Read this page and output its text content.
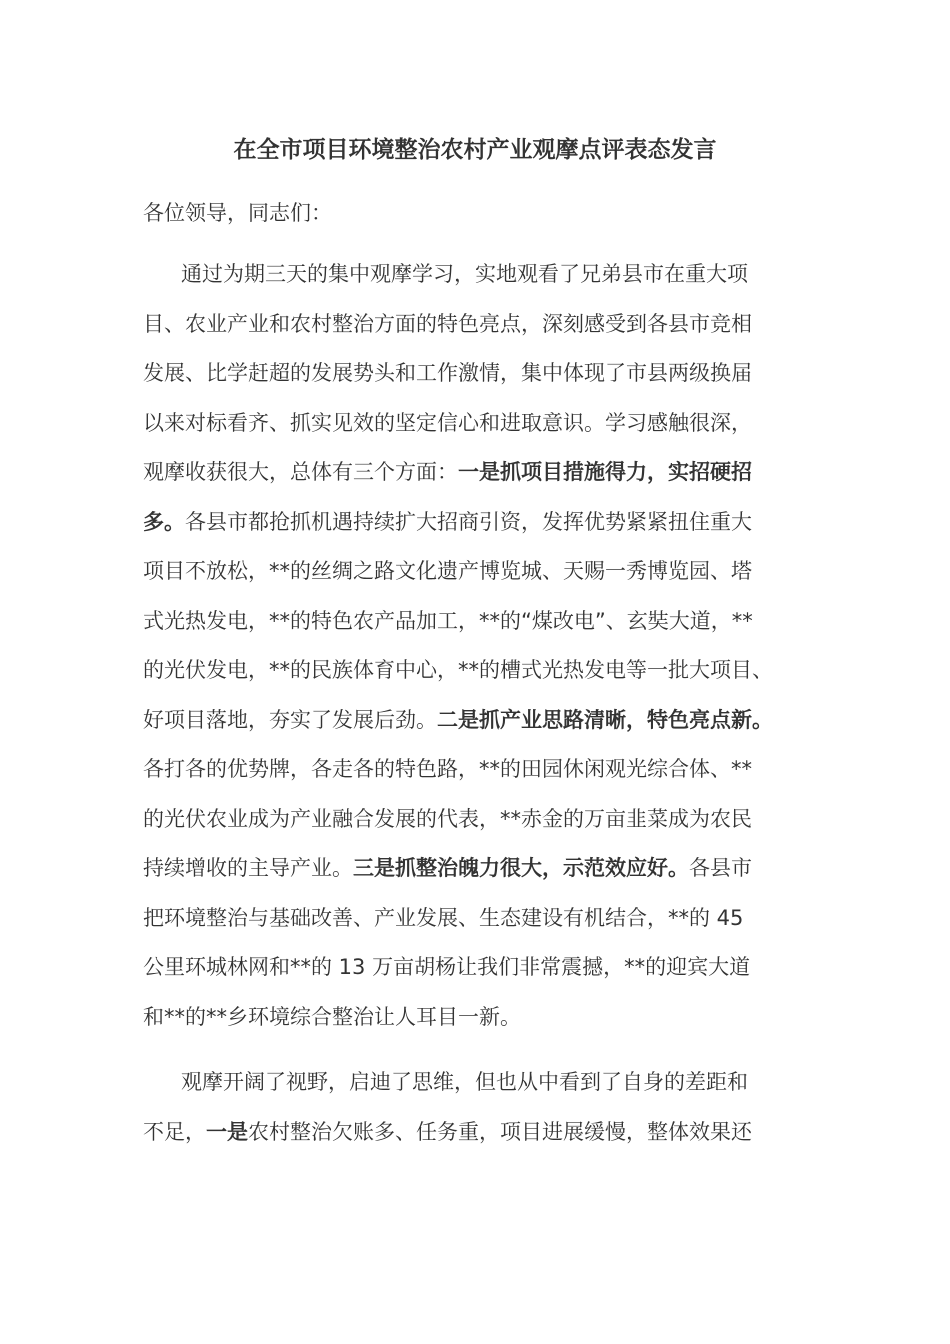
在全市项目环境整治农村产业观摩点评表态发言

各位领导，同志们：

通过为期三天的集中观摩学习，实地观看了兄弟县市在重大项
目、农业产业和农村整治方面的特色亮点，深刻感受到各县市竞相
发展、比学赶超的发展势头和工作激情，集中体现了市县两级换届
以来对标看齐、抓实见效的坚定信心和进取意识。学习感触很深，
观摩收获很大，总体有三个方面：一是抓项目措施得力，实招硬招
多。各县市都抢抓机遇持续扩大招商引资，发挥优势紧紧扭住重大
项目不放松，**的丝绸之路文化遗产博览城、天赐一秀博览园、塔
式光热发电，**的特色农产品加工，**的“煤改电”、玄奘大道，**
的光伏发电，**的民族体育中心，**的槽式光热发电等一批大项目、
好项目落地，夯实了发展后劲。二是抓产业思路清晰，特色亮点新。
各打各的优势牌，各走各的特色路，**的田园休闲观光综合体、**
的光伏农业成为产业融合发展的代表，**赤金的万亩韭菜成为农民
持续增收的主导产业。三是抓整治魄力很大，示范效应好。各县市
把环境整治与基础改善、产业发展、生态建设有机结合，**的 45
公里环城林网和**的 13 万亩胡杨让我们非常震撼，**的迎宾大道
和**的**乡环境综合整治让人耳目一新。
观摩开阔了视野，启迪了思维，但也从中看到了自身的差距和
不足，一是农村整治欠账多、任务重，项目进展缓慢，整体效果还
